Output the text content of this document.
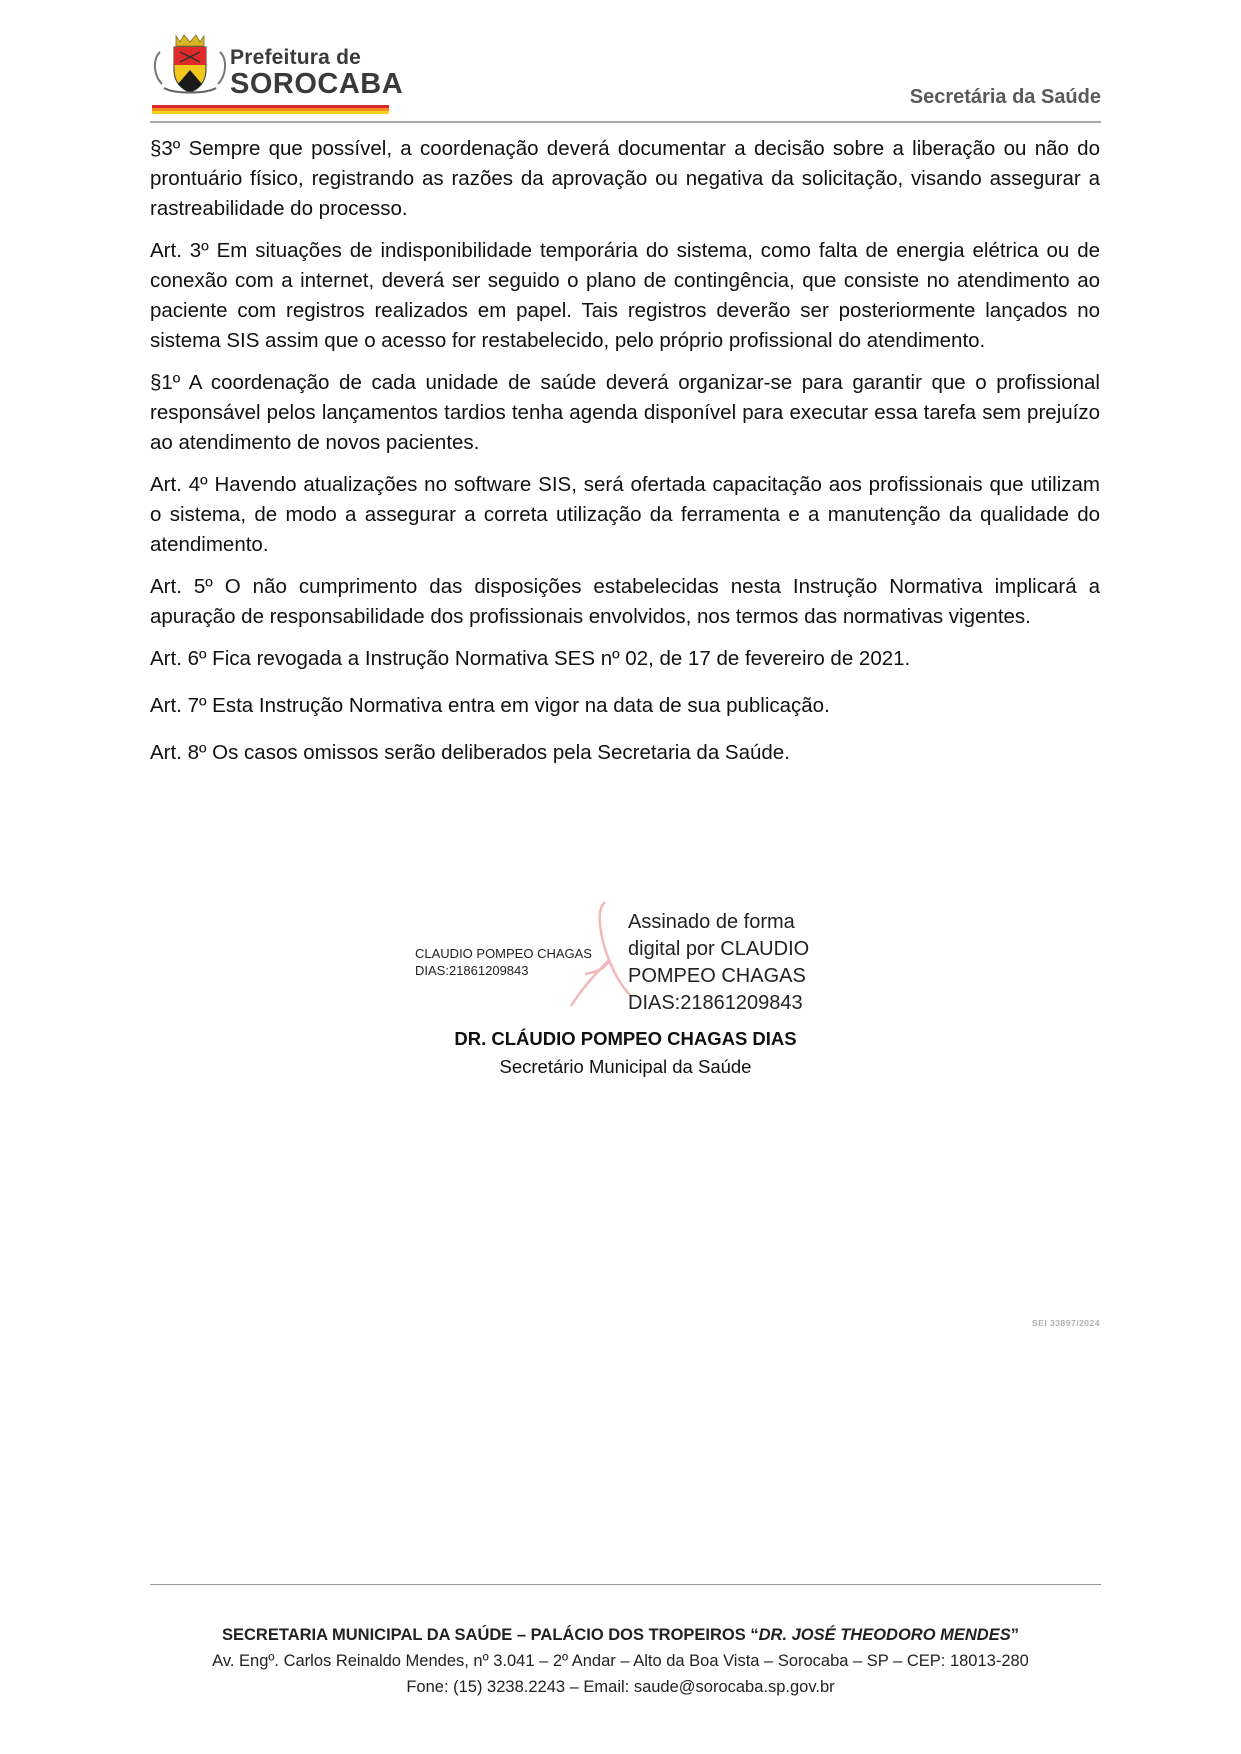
Prefeitura de
SOROCABA	Secretária da Saúde

§3º Sempre que possível, a coordenação deverá documentar a decisão sobre a liberação ou não do prontuário físico, registrando as razões da aprovação ou negativa da solicitação, visando assegurar a rastreabilidade do processo.

Art. 3º Em situações de indisponibilidade temporária do sistema, como falta de energia elétrica ou de conexão com a internet, deverá ser seguido o plano de contingência, que consiste no atendimento ao paciente com registros realizados em papel. Tais registros deverão ser posteriormente lançados no sistema SIS assim que o acesso for restabelecido, pelo próprio profissional do atendimento.

§1º A coordenação de cada unidade de saúde deverá organizar-se para garantir que o profissional responsável pelos lançamentos tardios tenha agenda disponível para executar essa tarefa sem prejuízo ao atendimento de novos pacientes.

Art. 4º Havendo atualizações no software SIS, será ofertada capacitação aos profissionais que utilizam o sistema, de modo a assegurar a correta utilização da ferramenta e a manutenção da qualidade do atendimento.

Art. 5º O não cumprimento das disposições estabelecidas nesta Instrução Normativa implicará a apuração de responsabilidade dos profissionais envolvidos, nos termos das normativas vigentes.

Art. 6º Fica revogada a Instrução Normativa SES nº 02, de 17 de fevereiro de 2021.

Art. 7º Esta Instrução Normativa entra em vigor na data de sua publicação.

Art. 8º Os casos omissos serão deliberados pela Secretaria da Saúde.

CLAUDIO POMPEO CHAGAS
DIAS:21861209843
Assinado de forma
digital por CLAUDIO
POMPEO CHAGAS
DIAS:21861209843
DR. CLÁUDIO POMPEO CHAGAS DIAS
Secretário Municipal da Saúde
SEI 33897/2024
SECRETARIA MUNICIPAL DA SAÚDE – PALÁCIO DOS TROPEIROS “DR. JOSÉ THEODORO MENDES”
Av. Engº. Carlos Reinaldo Mendes, nº 3.041 – 2º Andar – Alto da Boa Vista – Sorocaba – SP – CEP: 18013-280
Fone: (15) 3238.2243 – Email: saude@sorocaba.sp.gov.br
